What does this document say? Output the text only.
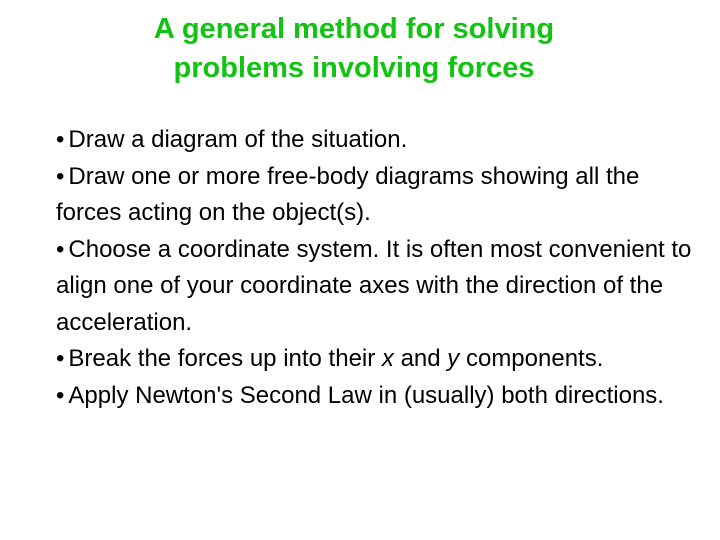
A general method for solving
problems involving forces
• Draw a diagram of the situation.
• Draw one or more free-body diagrams showing all the forces acting on the object(s).
• Choose a coordinate system. It is often most convenient to align one of your coordinate axes with the direction of the acceleration.
• Break the forces up into their x and y components.
• Apply Newton's Second Law in (usually) both directions.
